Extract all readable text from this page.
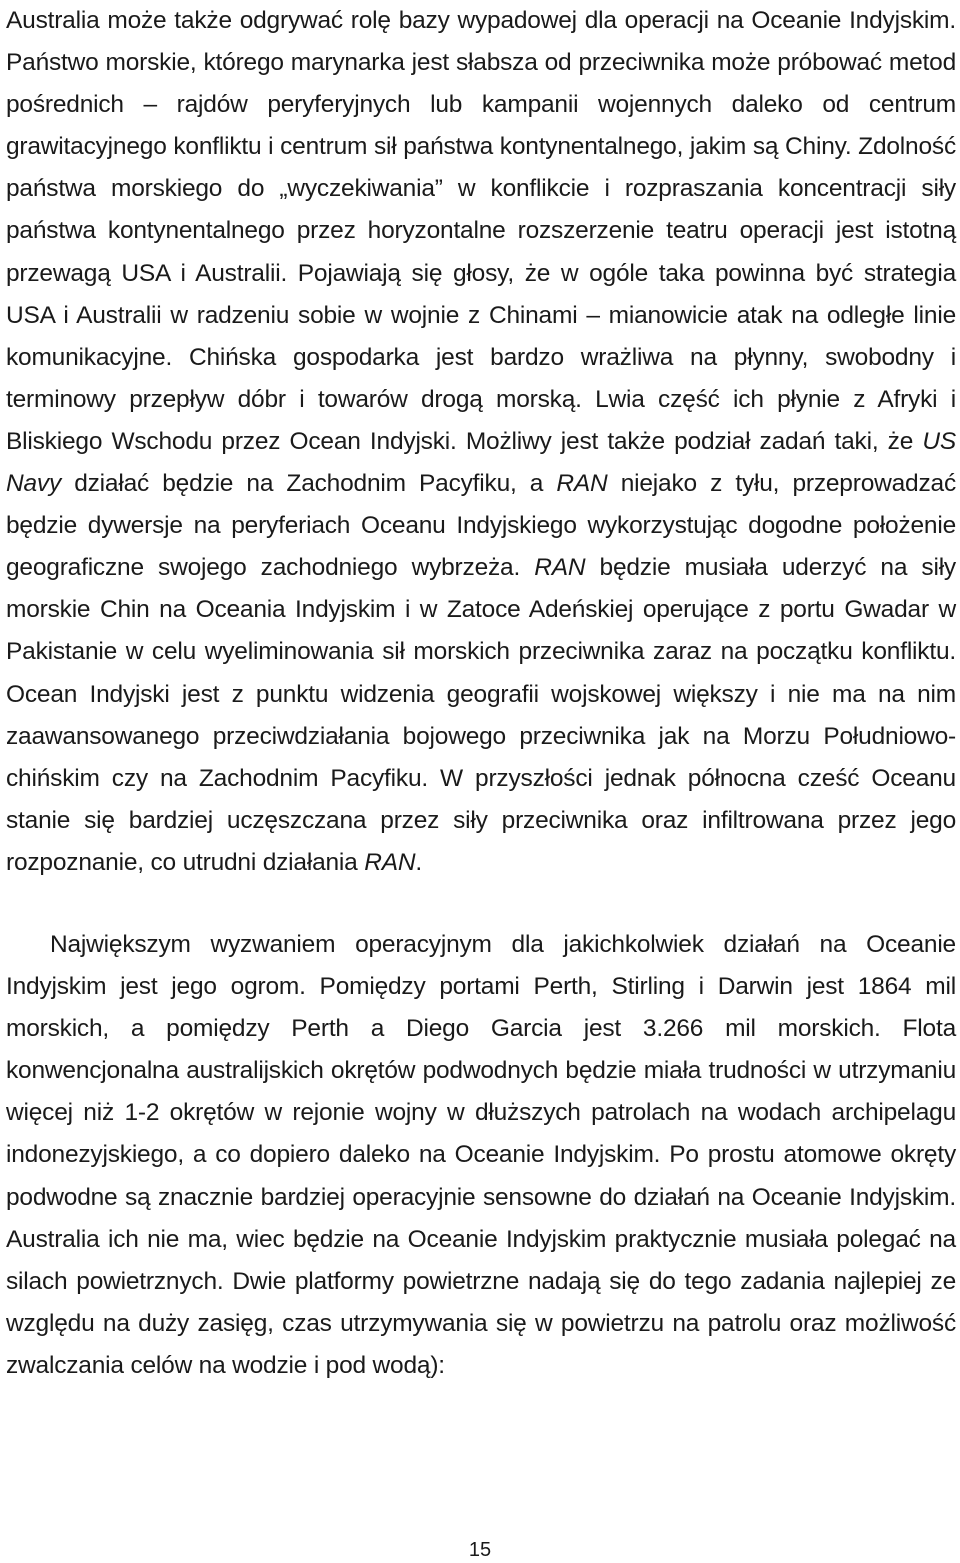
Australia może także odgrywać rolę bazy wypadowej dla operacji na Oceanie Indyjskim. Państwo morskie, którego marynarka jest słabsza od przeciwnika może próbować metod pośrednich – rajdów peryferyjnych lub kampanii wojennych daleko od centrum grawitacyjnego konfliktu i centrum sił państwa kontynentalnego, jakim są Chiny. Zdolność państwa morskiego do „wyczekiwania” w konflikcie i rozpraszania koncentracji siły państwa kontynentalnego przez horyzontalne rozszerzenie teatru operacji jest istotną przewagą USA i Australii. Pojawiają się głosy, że w ogóle taka powinna być strategia USA i Australii w radzeniu sobie w wojnie z Chinami – mianowicie atak na odległe linie komunikacyjne. Chińska gospodarka jest bardzo wrażliwa na płynny, swobodny i terminowy przepływ dóbr i towarów drogą morską. Lwia część ich płynie z Afryki i Bliskiego Wschodu przez Ocean Indyjski. Możliwy jest także podział zadań taki, że US Navy działać będzie na Zachodnim Pacyfiku, a RAN niejako z tyłu, przeprowadzać będzie dywersje na peryferiach Oceanu Indyjskiego wykorzystując dogodne położenie geograficzne swojego zachodniego wybrzeża. RAN będzie musiała uderzyć na siły morskie Chin na Oceania Indyjskim i w Zatoce Adeńskiej operujące z portu Gwadar w Pakistanie w celu wyeliminowania sił morskich przeciwnika zaraz na początku konfliktu. Ocean Indyjski jest z punktu widzenia geografii wojskowej większy i nie ma na nim zaawansowanego przeciwdziałania bojowego przeciwnika jak na Morzu Południowo-chińskim czy na Zachodnim Pacyfiku. W przyszłości jednak północna cześć Oceanu stanie się bardziej uczęszczana przez siły przeciwnika oraz infiltrowana przez jego rozpoznanie, co utrudni działania RAN.

Największym wyzwaniem operacyjnym dla jakichkolwiek działań na Oceanie Indyjskim jest jego ogrom. Pomiędzy portami Perth, Stirling i Darwin jest 1864 mil morskich, a pomiędzy Perth a Diego Garcia jest 3.266 mil morskich. Flota konwencjonalna australijskich okrętów podwodnych będzie miała trudności w utrzymaniu więcej niż 1-2 okrętów w rejonie wojny w dłuższych patrolach na wodach archipelagu indonezyjskiego, a co dopiero daleko na Oceanie Indyjskim. Po prostu atomowe okręty podwodne są znacznie bardziej operacyjnie sensowne do działań na Oceanie Indyjskim. Australia ich nie ma, wiec będzie na Oceanie Indyjskim praktycznie musiała polegać na silach powietrznych. Dwie platformy powietrzne nadają się do tego zadania najlepiej ze względu na duży zasięg, czas utrzymywania się w powietrzu na patrolu oraz możliwość zwalczania celów na wodzie i pod wodą):

15
